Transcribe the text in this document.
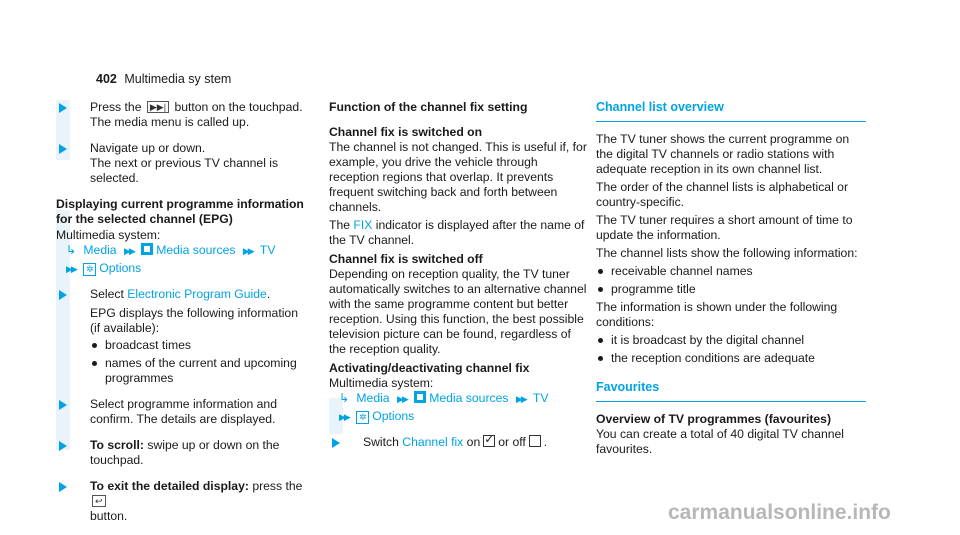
402 Multimedia sy stem
Press the ▶▶| button on the touchpad.
The media menu is called up.
Navigate up or down.
The next or previous TV channel is selected.
Displaying current programme information for the selected channel (EPG)
Multimedia system:
↳ Media ▶▶ Media sources ▶▶ TV
▶▶ ✲ Options
Select Electronic Program Guide.
EPG displays the following information (if available):
broadcast times
names of the current and upcoming programmes
Select programme information and confirm. The details are displayed.
To scroll: swipe up or down on the touchpad.
To exit the detailed display: press the ↩
button.
Function of the channel fix setting
Channel fix is switched on
The channel is not changed. This is useful if, for example, you drive the vehicle through reception regions that overlap. It prevents frequent switching back and forth between channels.
The FIX indicator is displayed after the name of the TV channel.
Channel fix is switched off
Depending on reception quality, the TV tuner automatically switches to an alternative channel with the same programme content but better reception. Using this function, the best possible television picture can be found, regardless of the reception quality.
Activating/deactivating channel fix
Multimedia system:
↳ Media ▶▶ Media sources ▶▶ TV
▶▶ ✲ Options
Switch Channel fix on✓ or off .
Channel list overview
The TV tuner shows the current programme on the digital TV channels or radio stations with adequate reception in its own channel list.
The order of the channel lists is alphabetical or country-specific.
The TV tuner requires a short amount of time to update the information.
The channel lists show the following information:
receivable channel names
programme title
The information is shown under the following conditions:
it is broadcast by the digital channel
the reception conditions are adequate
Favourites
Overview of TV programmes (favourites)
You can create a total of 40 digital TV channel favourites.
carmanualsonline.info
